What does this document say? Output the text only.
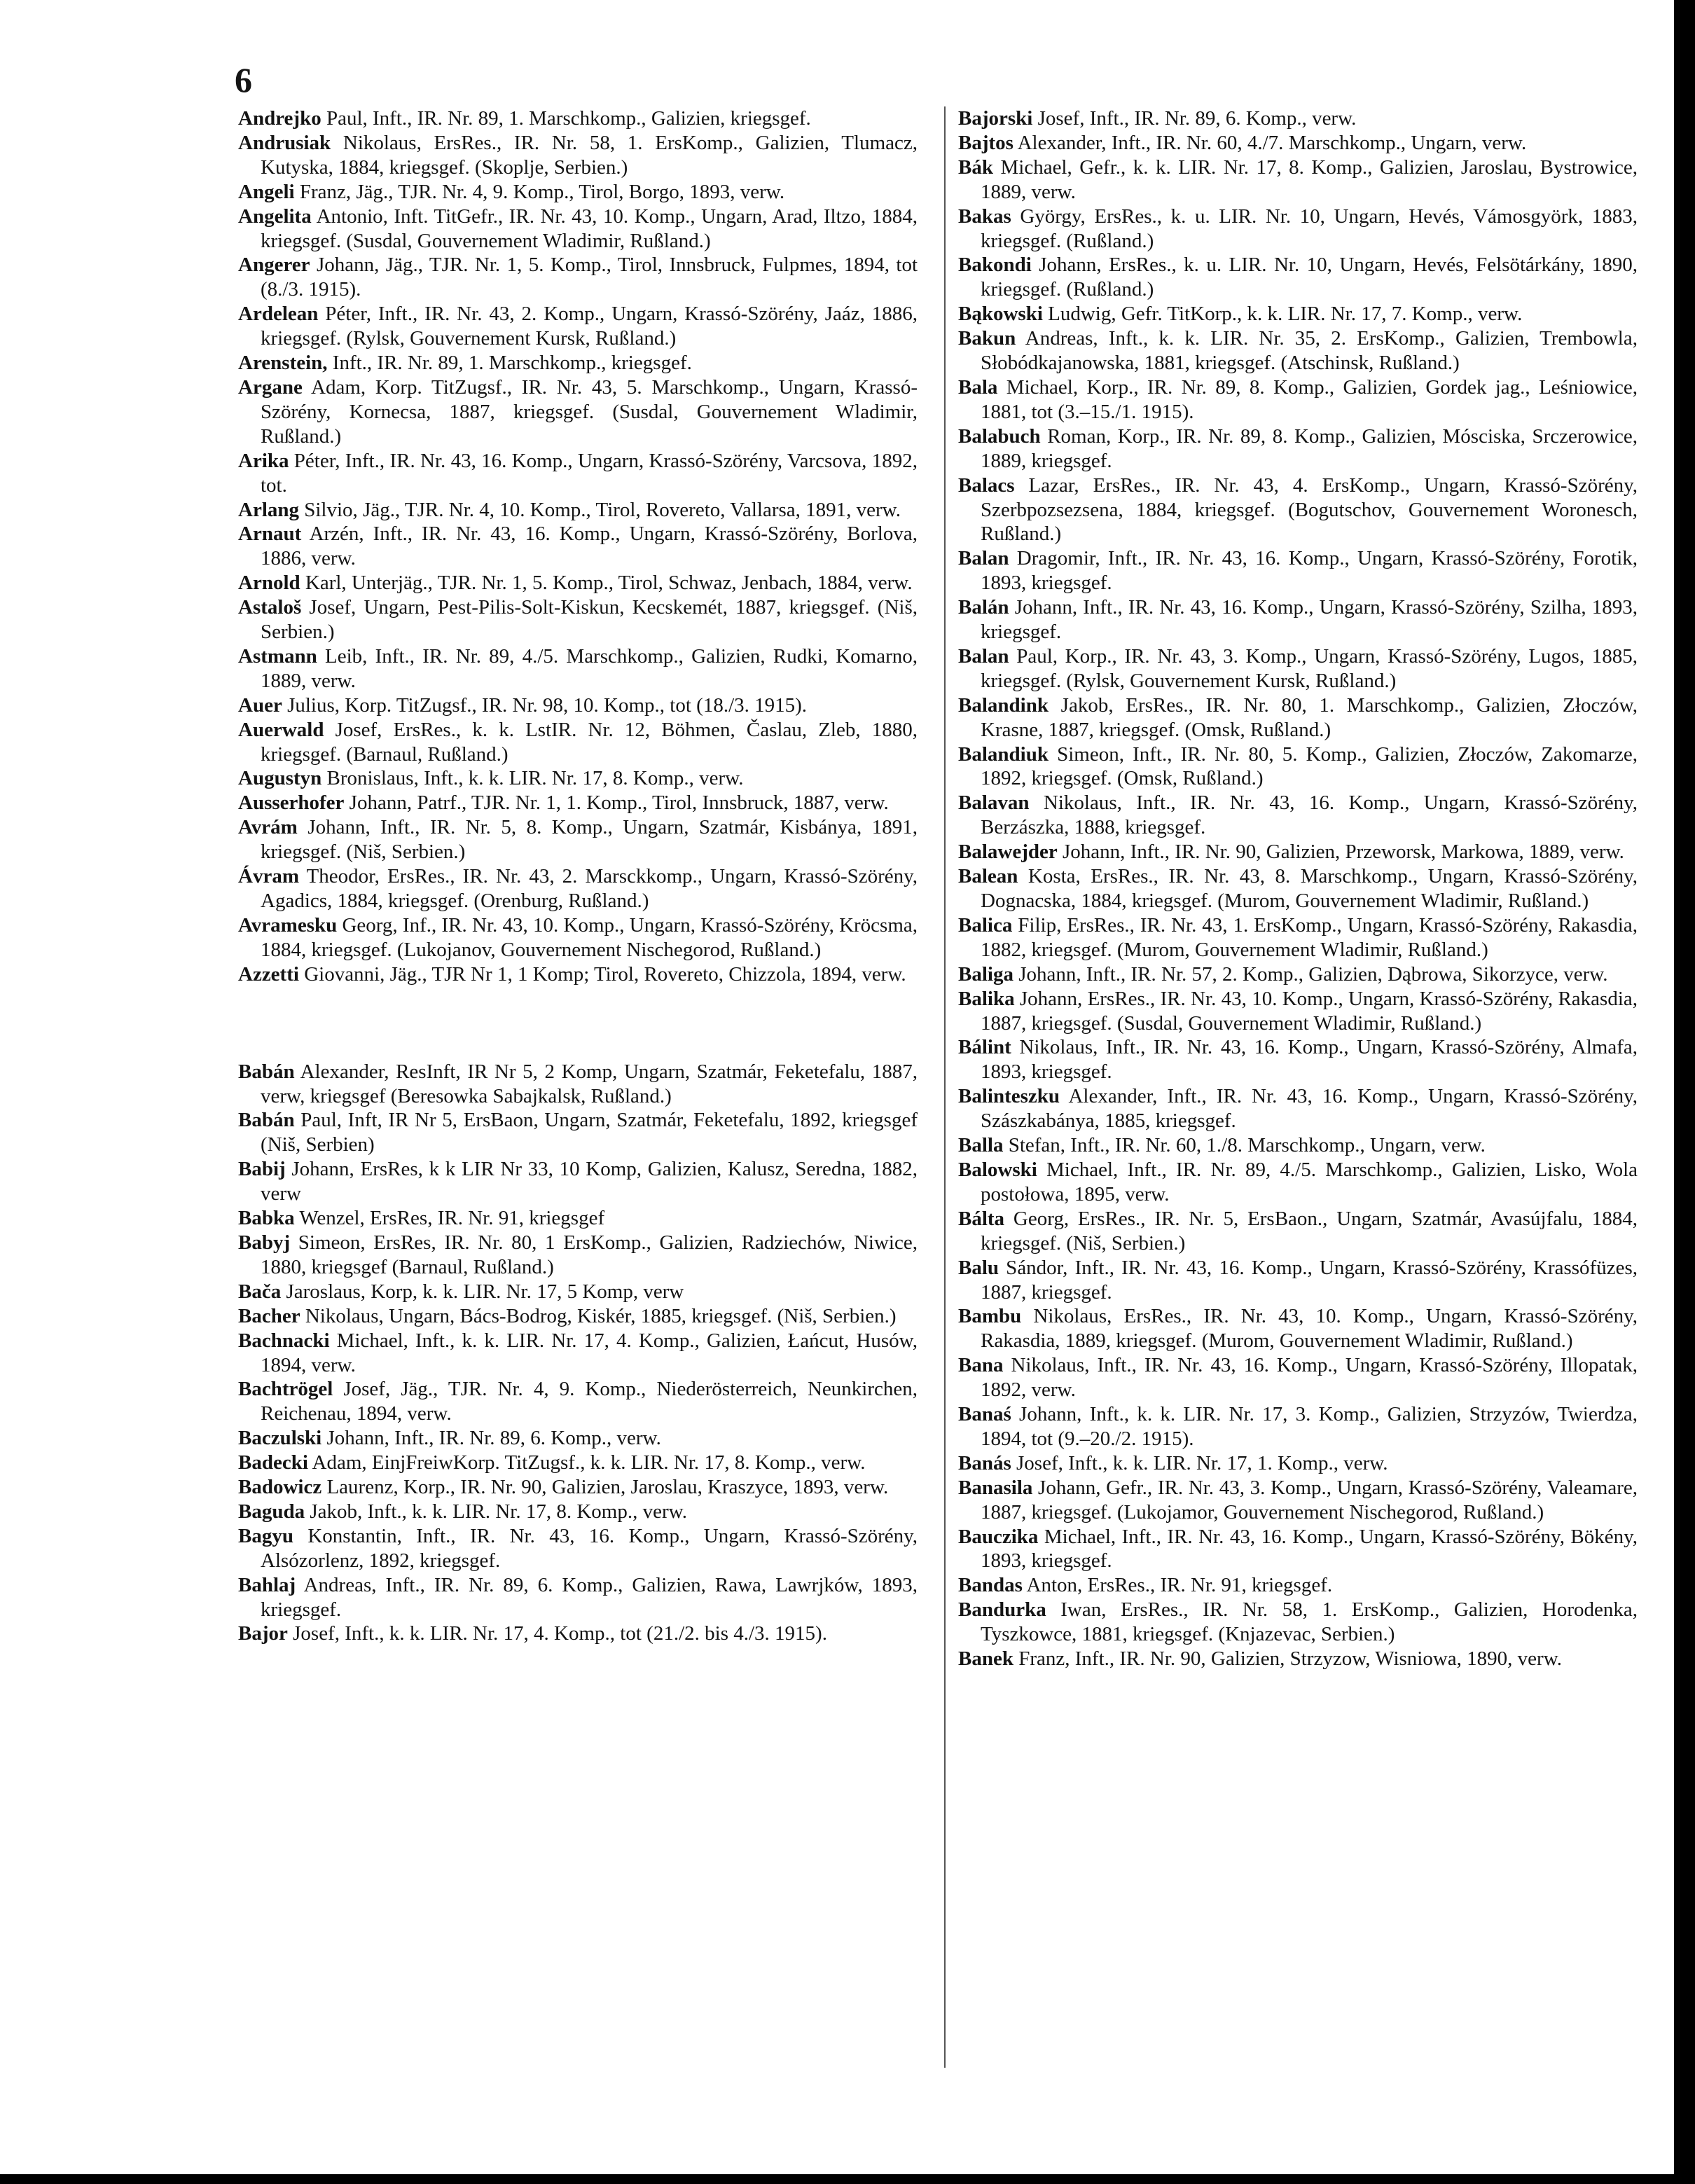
6
Andrejko Paul, Inft., IR. Nr. 89, 1. Marschkomp., Galizien, kriegsgef.
Andrusiak Nikolaus, ErsRes., IR. Nr. 58, 1. ErsKomp., Galizien, Tlumacz, Kutyska, 1884, kriegsgef. (Skoplje, Serbien.)
Angeli Franz, Jäg., TJR. Nr. 4, 9. Komp., Tirol, Borgo, 1893, verw.
Angelita Antonio, Inft. TitGefr., IR. Nr. 43, 10. Komp., Ungarn, Arad, Iltzo, 1884, kriegsgef. (Susdal, Gouvernement Wladimir, Rußland.)
Angerer Johann, Jäg., TJR. Nr. 1, 5. Komp., Tirol, Innsbruck, Fulpmes, 1894, tot (8./3. 1915).
Ardelean Péter, Inft., IR. Nr. 43, 2. Komp., Ungarn, Krassó-Szörény, Jaáz, 1886, kriegsgef. (Rylsk, Gouvernement Kursk, Rußland.)
Arenstein, Inft., IR. Nr. 89, 1. Marschkomp., kriegsgef.
Argane Adam, Korp. TitZugsf., IR. Nr. 43, 5. Marschkomp., Ungarn, Krassó-Szörény, Kornecsa, 1887, kriegsgef. (Susdal, Gouvernement Wladimir, Rußland.)
Arika Péter, Inft., IR. Nr. 43, 16. Komp., Ungarn, Krassó-Szörény, Varcsova, 1892, tot.
Arlang Silvio, Jäg., TJR. Nr. 4, 10. Komp., Tirol, Rovereto, Vallarsa, 1891, verw.
Arnaut Arzén, Inft., IR. Nr. 43, 16. Komp., Ungarn, Krassó-Szörény, Borlova, 1886, verw.
Arnold Karl, Unterjäg., TJR. Nr. 1, 5. Komp., Tirol, Schwaz, Jenbach, 1884, verw.
Astaloš Josef, Ungarn, Pest-Pilis-Solt-Kiskun, Kecskemét, 1887, kriegsgef. (Niš, Serbien.)
Astmann Leib, Inft., IR. Nr. 89, 4./5. Marschkomp., Galizien, Rudki, Komarno, 1889, verw.
Auer Julius, Korp. TitZugsf., IR. Nr. 98, 10. Komp., tot (18./3. 1915).
Auerwald Josef, ErsRes., k. k. LstIR. Nr. 12, Böhmen, Časlau, Zleb, 1880, kriegsgef. (Barnaul, Rußland.)
Augustyn Bronislaus, Inft., k. k. LIR. Nr. 17, 8. Komp., verw.
Ausserhofer Johann, Patrf., TJR. Nr. 1, 1. Komp., Tirol, Innsbruck, 1887, verw.
Avrám Johann, Inft., IR. Nr. 5, 8. Komp., Ungarn, Szatmár, Kisbánya, 1891, kriegsgef. (Niš, Serbien.)
Ávram Theodor, ErsRes., IR. Nr. 43, 2. Marsckkomp., Ungarn, Krassó-Szörény, Agadics, 1884, kriegsgef. (Orenburg, Rußland.)
Avramesku Georg, Inf., IR. Nr. 43, 10. Komp., Ungarn, Krassó-Szörény, Kröcsma, 1884, kriegsgef. (Lukojanov, Gouvernement Nischegorod, Rußland.)
Azzetti Giovanni, Jäg., TJR Nr 1, 1 Komp; Tirol, Rovereto, Chizzola, 1894, verw.
Babán Alexander, ResInft, IR Nr 5, 2 Komp, Ungarn, Szatmár, Feketefalu, 1887, verw, kriegsgef (Beresowka Sabajkalsk, Rußland.)
Babán Paul, Inft, IR Nr 5, ErsBaon, Ungarn, Szatmár, Feketefalu, 1892, kriegsgef (Niš, Serbien)
Babij Johann, ErsRes, k k LIR Nr 33, 10 Komp, Galizien, Kalusz, Seredna, 1882, verw
Babka Wenzel, ErsRes, IR. Nr. 91, kriegsgef
Babyj Simeon, ErsRes, IR. Nr. 80, 1 ErsKomp., Galizien, Radziechów, Niwice, 1880, kriegsgef (Barnaul, Rußland.)
Bača Jaroslaus, Korp, k. k. LIR. Nr. 17, 5 Komp, verw
Bacher Nikolaus, Ungarn, Bács-Bodrog, Kiskér, 1885, kriegsgef. (Niš, Serbien.)
Bachnacki Michael, Inft., k. k. LIR. Nr. 17, 4. Komp., Galizien, Łańcut, Husów, 1894, verw.
Bachtrögel Josef, Jäg., TJR. Nr. 4, 9. Komp., Niederösterreich, Neunkirchen, Reichenau, 1894, verw.
Baczulski Johann, Inft., IR. Nr. 89, 6. Komp., verw.
Badecki Adam, EinjFreiwKorp. TitZugsf., k. k. LIR. Nr. 17, 8. Komp., verw.
Badowicz Laurenz, Korp., IR. Nr. 90, Galizien, Jaroslau, Kraszyce, 1893, verw.
Baguda Jakob, Inft., k. k. LIR. Nr. 17, 8. Komp., verw.
Bagyu Konstantin, Inft., IR. Nr. 43, 16. Komp., Ungarn, Krassó-Szörény, Alsózorlenz, 1892, kriegsgef.
Bahlaj Andreas, Inft., IR. Nr. 89, 6. Komp., Galizien, Rawa, Lawrjków, 1893, kriegsgef.
Bajor Josef, Inft., k. k. LIR. Nr. 17, 4. Komp., tot (21./2. bis 4./3. 1915).
Bajorski Josef, Inft., IR. Nr. 89, 6. Komp., verw.
Bajtos Alexander, Inft., IR. Nr. 60, 4./7. Marschkomp., Ungarn, verw.
Bák Michael, Gefr., k. k. LIR. Nr. 17, 8. Komp., Galizien, Jaroslau, Bystrowice, 1889, verw.
Bakas György, ErsRes., k. u. LIR. Nr. 10, Ungarn, Hevés, Vámosgyörk, 1883, kriegsgef. (Rußland.)
Bakondi Johann, ErsRes., k. u. LIR. Nr. 10, Ungarn, Hevés, Felsötárkány, 1890, kriegsgef. (Rußland.)
Bąkowski Ludwig, Gefr. TitKorp., k. k. LIR. Nr. 17, 7. Komp., verw.
Bakun Andreas, Inft., k. k. LIR. Nr. 35, 2. ErsKomp., Galizien, Trembowla, Słobódkajanowska, 1881, kriegsgef. (Atschinsk, Rußland.)
Bala Michael, Korp., IR. Nr. 89, 8. Komp., Galizien, Gordek jag., Leśniowice, 1881, tot (3.–15./1. 1915).
Balabuch Roman, Korp., IR. Nr. 89, 8. Komp., Galizien, Mósciska, Srczerowice, 1889, kriegsgef.
Balacs Lazar, ErsRes., IR. Nr. 43, 4. ErsKomp., Ungarn, Krassó-Szörény, Szerbpozsezsena, 1884, kriegsgef. (Bogutschov, Gouvernement Woronesch, Rußland.)
Balan Dragomir, Inft., IR. Nr. 43, 16. Komp., Ungarn, Krassó-Szörény, Forotik, 1893, kriegsgef.
Balán Johann, Inft., IR. Nr. 43, 16. Komp., Ungarn, Krassó-Szörény, Szilha, 1893, kriegsgef.
Balan Paul, Korp., IR. Nr. 43, 3. Komp., Ungarn, Krassó-Szörény, Lugos, 1885, kriegsgef. (Rylsk, Gouvernement Kursk, Rußland.)
Balandink Jakob, ErsRes., IR. Nr. 80, 1. Marschkomp., Galizien, Złoczów, Krasne, 1887, kriegsgef. (Omsk, Rußland.)
Balandiuk Simeon, Inft., IR. Nr. 80, 5. Komp., Galizien, Złoczów, Zakomarze, 1892, kriegsgef. (Omsk, Rußland.)
Balavan Nikolaus, Inft., IR. Nr. 43, 16. Komp., Ungarn, Krassó-Szörény, Berzászka, 1888, kriegsgef.
Balawejder Johann, Inft., IR. Nr. 90, Galizien, Przeworsk, Markowa, 1889, verw.
Balean Kosta, ErsRes., IR. Nr. 43, 8. Marschkomp., Ungarn, Krassó-Szörény, Dognacska, 1884, kriegsgef. (Murom, Gouvernement Wladimir, Rußland.)
Balica Filip, ErsRes., IR. Nr. 43, 1. ErsKomp., Ungarn, Krassó-Szörény, Rakasdia, 1882, kriegsgef. (Murom, Gouvernement Wladimir, Rußland.)
Baliga Johann, Inft., IR. Nr. 57, 2. Komp., Galizien, Dąbrowa, Sikorzyce, verw.
Balika Johann, ErsRes., IR. Nr. 43, 10. Komp., Ungarn, Krassó-Szörény, Rakasdia, 1887, kriegsgef. (Susdal, Gouvernement Wladimir, Rußland.)
Bálint Nikolaus, Inft., IR. Nr. 43, 16. Komp., Ungarn, Krassó-Szörény, Almafa, 1893, kriegsgef.
Balinteszku Alexander, Inft., IR. Nr. 43, 16. Komp., Ungarn, Krassó-Szörény, Szászkabánya, 1885, kriegsgef.
Balla Stefan, Inft., IR. Nr. 60, 1./8. Marschkomp., Ungarn, verw.
Balowski Michael, Inft., IR. Nr. 89, 4./5. Marschkomp., Galizien, Lisko, Wola postołowa, 1895, verw.
Bálta Georg, ErsRes., IR. Nr. 5, ErsBaon., Ungarn, Szatmár, Avasújfalu, 1884, kriegsgef. (Niš, Serbien.)
Balu Sándor, Inft., IR. Nr. 43, 16. Komp., Ungarn, Krassó-Szörény, Krassófüzes, 1887, kriegsgef.
Bambu Nikolaus, ErsRes., IR. Nr. 43, 10. Komp., Ungarn, Krassó-Szörény, Rakasdia, 1889, kriegsgef. (Murom, Gouvernement Wladimir, Rußland.)
Bana Nikolaus, Inft., IR. Nr. 43, 16. Komp., Ungarn, Krassó-Szörény, Illopatak, 1892, verw.
Banaś Johann, Inft., k. k. LIR. Nr. 17, 3. Komp., Galizien, Strzyzów, Twierdza, 1894, tot (9.–20./2. 1915).
Banás Josef, Inft., k. k. LIR. Nr. 17, 1. Komp., verw.
Banasila Johann, Gefr., IR. Nr. 43, 3. Komp., Ungarn, Krassó-Szörény, Valeamare, 1887, kriegsgef. (Lukojamor, Gouvernement Nischegorod, Rußland.)
Bauczika Michael, Inft., IR. Nr. 43, 16. Komp., Ungarn, Krassó-Szörény, Bökény, 1893, kriegsgef.
Bandas Anton, ErsRes., IR. Nr. 91, kriegsgef.
Bandurka Iwan, ErsRes., IR. Nr. 58, 1. ErsKomp., Galizien, Horodenka, Tyszkowce, 1881, kriegsgef. (Knjazevac, Serbien.)
Banek Franz, Inft., IR. Nr. 90, Galizien, Strzyzow, Wisniowa, 1890, verw.
